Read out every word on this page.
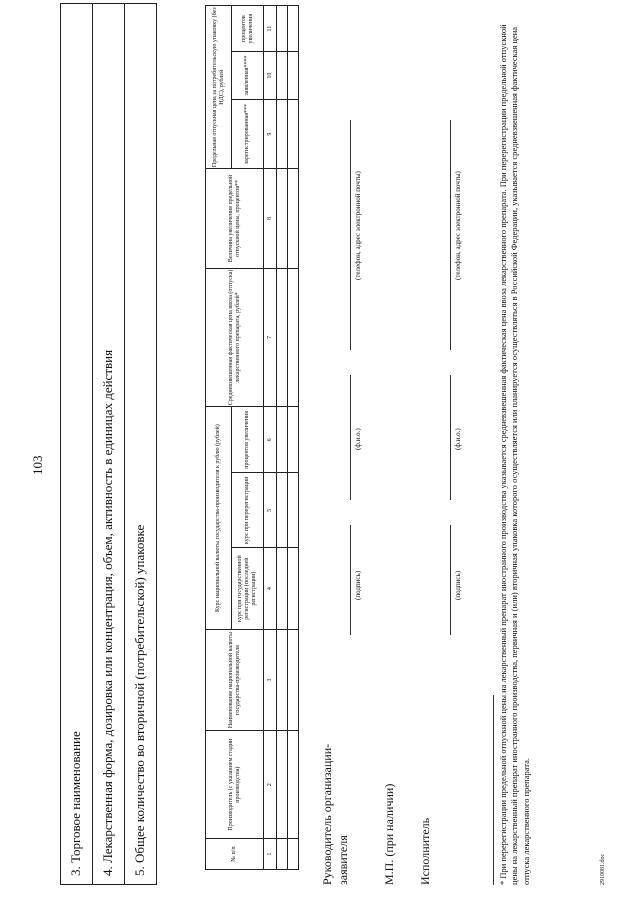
103
3. Торговое наименование 4. Лекарственная форма, дозировка или концентрация, объем, активность в единицах действия 5. Общее количество во вторичной (потребительской) упаковке	№ п/п	Производитель (с указанием стадии производства)	Наименование национальной валюты государства-производителя	Курс национальной валюты государства-производителя к рублю (рублей)			Средневзвешенная фактическая цена ввоза (отпуска) лекарственного препарата, рублей*	Величина увеличения предельной отпускной цены, процентов**	Предельная отпускная цена за потребительскую упаковку (без НДС), рублей		
			курс при государственной регистрации (последней регистрации)	курс при перерегистрации	процентов увеличения			зарегистрированная***	заявленная****	процентов увеличения
1	2	3	4	5	6	7	8	9	10	11

Руководитель организации- заявителя
(подпись)
(ф.и.о.)
(телефон, адрес электронной почты)
М.П. (при наличии) Исполнитель
(подпись)
(ф.и.о.)
(телефон, адрес электронной почты)	* При перерегистрации предельной отпускной цены на лекарственный препарат иностранного производства указывается средневзвешенная фактическая цена ввоза лекарственного препарата. При перерегистрации предельной отпускной цены на лекарственный препарат иностранного производства, первичная и (или) вторичная упаковка которого осуществляется или планируется осуществляться в Российской Федерации, указывается средневзвешенная фактическая цена отпуска лекарственного препарата.	2910081.doc
